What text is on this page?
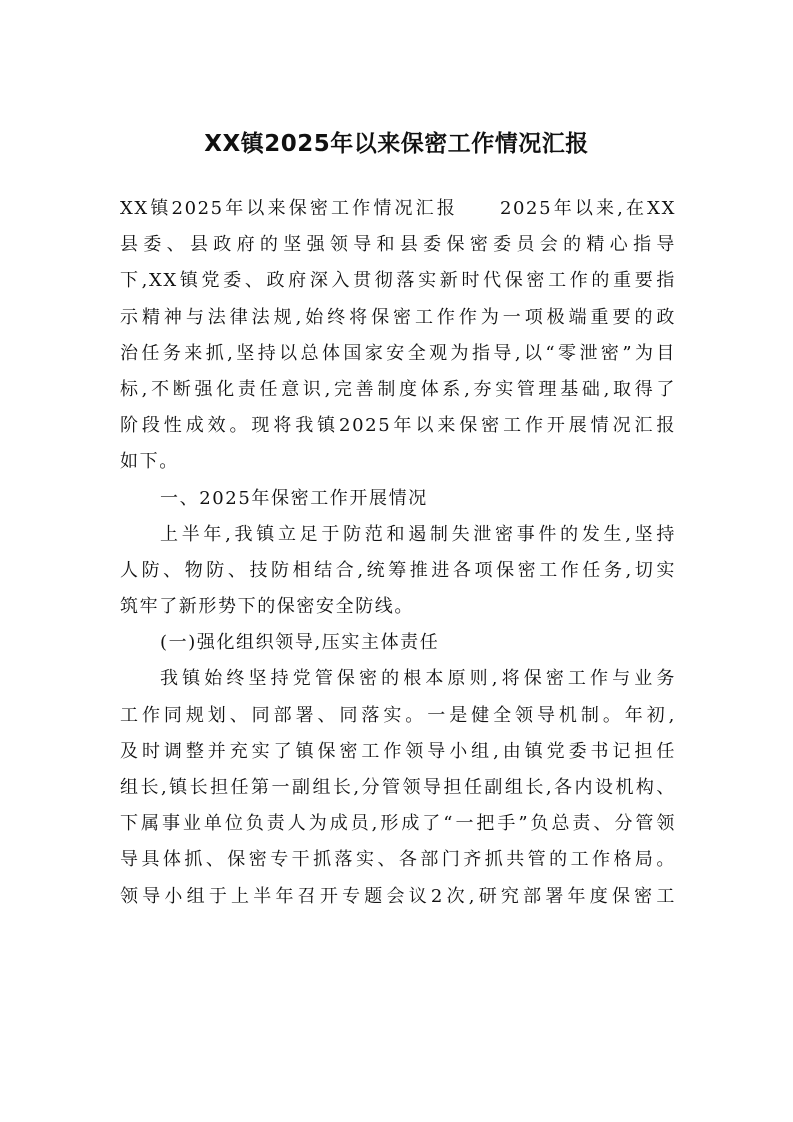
XX镇2025年以来保密工作情况汇报
XX镇2025年以来保密工作情况汇报 2025年以来,在XX
县委、县政府的坚强领导和县委保密委员会的精心指导
下,XX镇党委、政府深入贯彻落实新时代保密工作的重要指
示精神与法律法规,始终将保密工作作为一项极端重要的政
治任务来抓,坚持以总体国家安全观为指导,以“零泄密”为目
标,不断强化责任意识,完善制度体系,夯实管理基础,取得了
阶段性成效。现将我镇2025年以来保密工作开展情况汇报
如下。
一、2025年保密工作开展情况
上半年,我镇立足于防范和遏制失泄密事件的发生,坚持
人防、物防、技防相结合,统筹推进各项保密工作任务,切实
筑牢了新形势下的保密安全防线。
(一)强化组织领导,压实主体责任
我镇始终坚持党管保密的根本原则,将保密工作与业务
工作同规划、同部署、同落实。一是健全领导机制。年初,
及时调整并充实了镇保密工作领导小组,由镇党委书记担任
组长,镇长担任第一副组长,分管领导担任副组长,各内设机构、
下属事业单位负责人为成员,形成了“一把手”负总责、分管领
导具体抓、保密专干抓落实、各部门齐抓共管的工作格局。
领导小组于上半年召开专题会议2次,研究部署年度保密工
